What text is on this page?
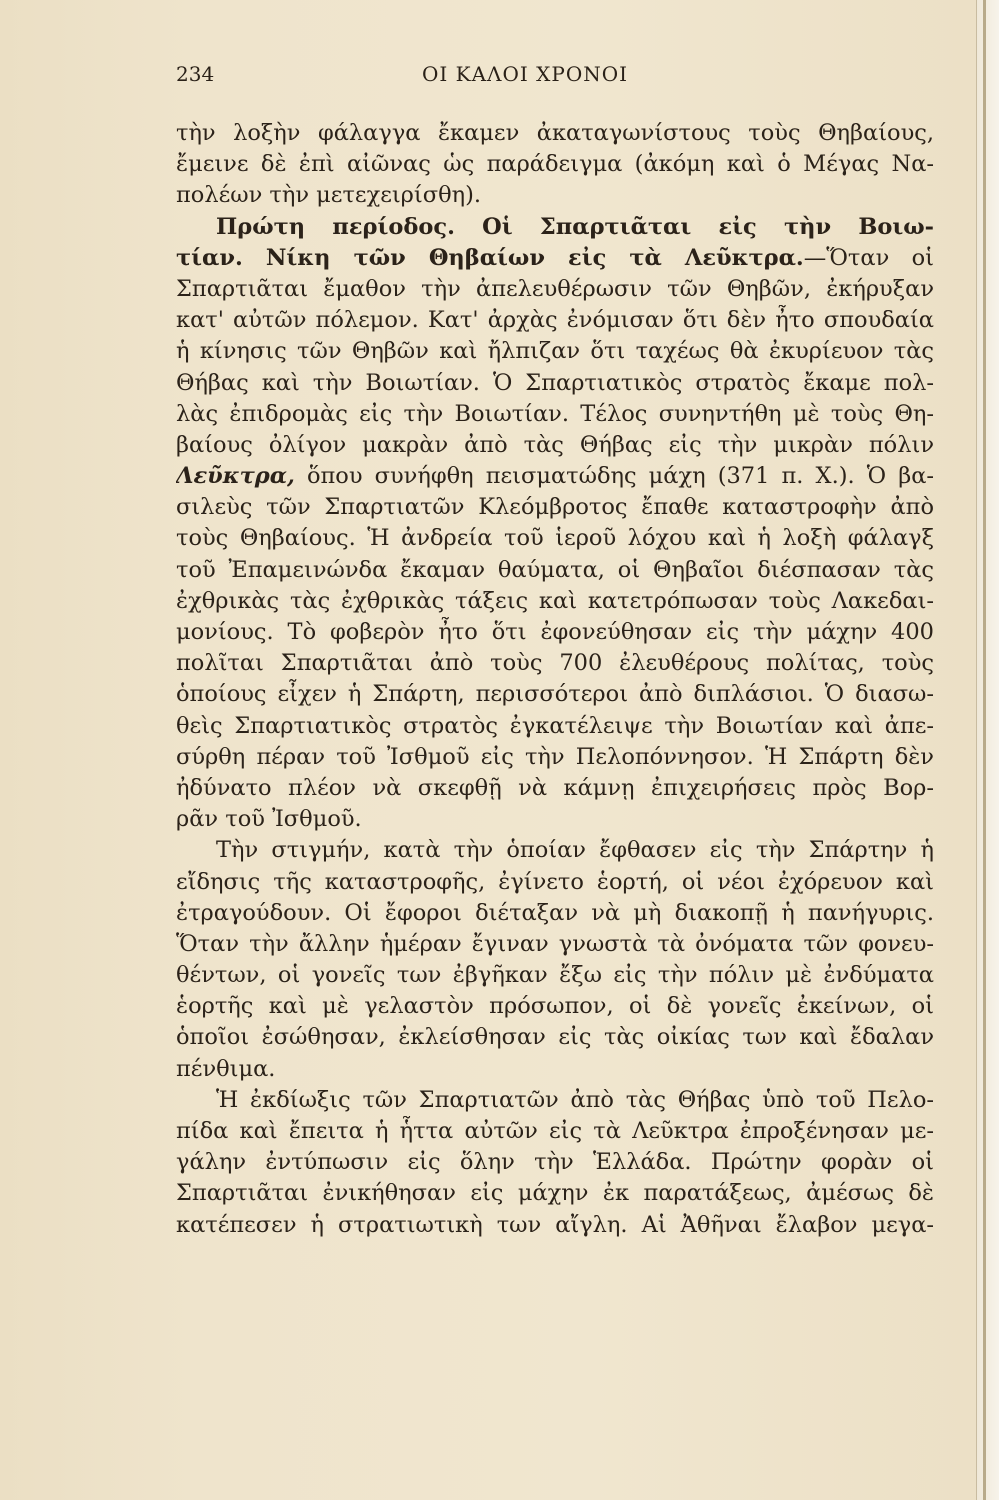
234	ΟΙ ΚΑΛΟΙ ΧΡΟΝΟΙ
τὴν λοξὴν φάλαγγα ἔκαμεν ἀκαταγωνίστους τοὺς Θηβαίους,
ἔμεινε δὲ ἐπὶ αἰῶνας ὡς παράδειγμα (ἀκόμη καὶ ὁ Μέγας Να-
πολέων τὴν μετεχειρίσθη).
Πρώτη περίοδος. Οἱ Σπαρτιᾶται εἰς τὴν Βοιω-
τίαν. Νίκη τῶν Θηβαίων εἰς τὰ Λεῦκτρα.—Ὅταν οἱ
Σπαρτιᾶται ἔμαθον τὴν ἀπελευθέρωσιν τῶν Θηβῶν, ἐκήρυξαν
κατ' αὐτῶν πόλεμον. Κατ' ἀρχὰς ἐνόμισαν ὅτι δὲν ἦτο σπουδαία
ἡ κίνησις τῶν Θηβῶν καὶ ἤλπιζαν ὅτι ταχέως θὰ ἐκυρίευον τὰς
Θήβας καὶ τὴν Βοιωτίαν. Ὁ Σπαρτιατικὸς στρατὸς ἔκαμε πολ-
λὰς ἐπιδρομὰς εἰς τὴν Βοιωτίαν. Τέλος συνηντήθη μὲ τοὺς Θη-
βαίους ὀλίγον μακρὰν ἀπὸ τὰς Θήβας εἰς τὴν μικρὰν πόλιν
Λεῦκτρα, ὅπου συνήφθη πεισματώδης μάχη (371 π. Χ.). Ὁ βα-
σιλεὺς τῶν Σπαρτιατῶν Κλεόμβροτος ἔπαθε καταστροφὴν ἀπὸ
τοὺς Θηβαίους. Ἡ ἀνδρεία τοῦ ἱεροῦ λόχου καὶ ἡ λοξὴ φάλαγξ
τοῦ Ἐπαμεινώνδα ἔκαμαν θαύματα, οἱ Θηβαῖοι διέσπασαν τὰς
ἐχθρικὰς τὰς ἐχθρικὰς τάξεις καὶ κατετρόπωσαν τοὺς Λακεδαι-
μονίους. Τὸ φοβερὸν ἦτο ὅτι ἐφονεύθησαν εἰς τὴν μάχην 400
πολῖται Σπαρτιᾶται ἀπὸ τοὺς 700 ἐλευθέρους πολίτας, τοὺς
ὁποίους εἶχεν ἡ Σπάρτη, περισσότεροι ἀπὸ διπλάσιοι. Ὁ διασω-
θεὶς Σπαρτιατικὸς στρατὸς ἐγκατέλειψε τὴν Βοιωτίαν καὶ ἀπε-
σύρθη πέραν τοῦ Ἰσθμοῦ εἰς τὴν Πελοπόννησον. Ἡ Σπάρτη δὲν
ἠδύνατο πλέον νὰ σκεφθῇ νὰ κάμνῃ ἐπιχειρήσεις πρὸς Βορ-
ρᾶν τοῦ Ἰσθμοῦ.
Τὴν στιγμήν, κατὰ τὴν ὁποίαν ἔφθασεν εἰς τὴν Σπάρτην ἡ
εἴδησις τῆς καταστροφῆς, ἐγίνετο ἑορτή, οἱ νέοι ἐχόρευον καὶ
ἐτραγούδουν. Οἱ ἔφοροι διέταξαν νὰ μὴ διακοπῇ ἡ πανήγυρις.
Ὅταν τὴν ἄλλην ἡμέραν ἔγιναν γνωστὰ τὰ ὀνόματα τῶν φονευ-
θέντων, οἱ γονεῖς των ἐβγῆκαν ἔξω εἰς τὴν πόλιν μὲ ἐνδύματα
ἑορτῆς καὶ μὲ γελαστὸν πρόσωπον, οἱ δὲ γονεῖς ἐκείνων, οἱ
ὁποῖοι ἐσώθησαν, ἐκλείσθησαν εἰς τὰς οἰκίας των καὶ ἔδαλαν
πένθιμα.
Ἡ ἐκδίωξις τῶν Σπαρτιατῶν ἀπὸ τὰς Θήβας ὑπὸ τοῦ Πελο-
πίδα καὶ ἔπειτα ἡ ἧττα αὐτῶν εἰς τὰ Λεῦκτρα ἐπροξένησαν με-
γάλην ἐντύπωσιν εἰς ὅλην τὴν Ἑλλάδα. Πρώτην φορὰν οἱ
Σπαρτιᾶται ἐνικήθησαν εἰς μάχην ἐκ παρατάξεως, ἀμέσως δὲ
κατέπεσεν ἡ στρατιωτικὴ των αἴγλη. Αἱ Ἀθῆναι ἔλαβον μεγα-
